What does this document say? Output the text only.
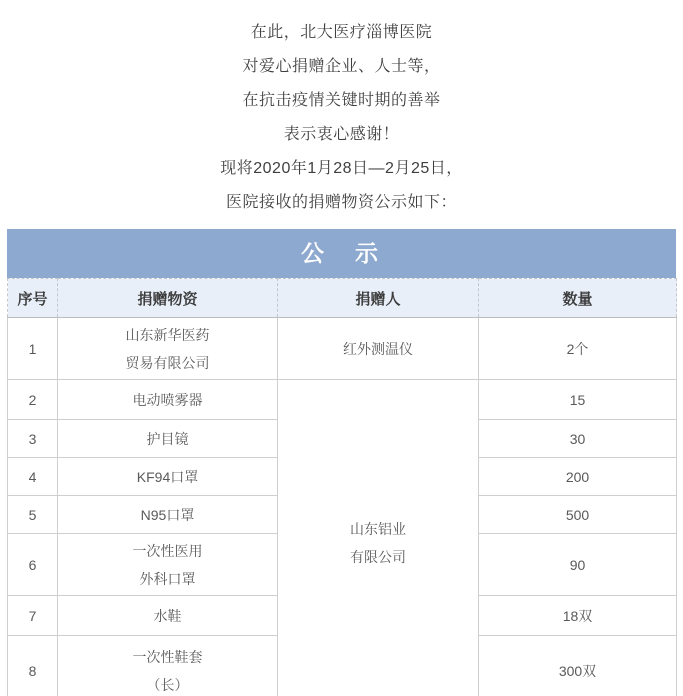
在此，北大医疗淄博医院

对爱心捐赠企业、人士等，

在抗击疫情关键时期的善举

表示衷心感谢！

现将2020年1月28日—2月25日，

医院接收的捐赠物资公示如下：

公　示
序号	捐赠物资	捐赠人	数量
1	山东新华医药
贸易有限公司	红外测温仪	2个
2	电动喷雾器	山东铝业
有限公司	15
3	护目镜		30
4	KF94口罩		200
5	N95口罩		500
6	一次性医用
外科口罩		90
7	水鞋		18双
8	一次性鞋套
（长）		300双
